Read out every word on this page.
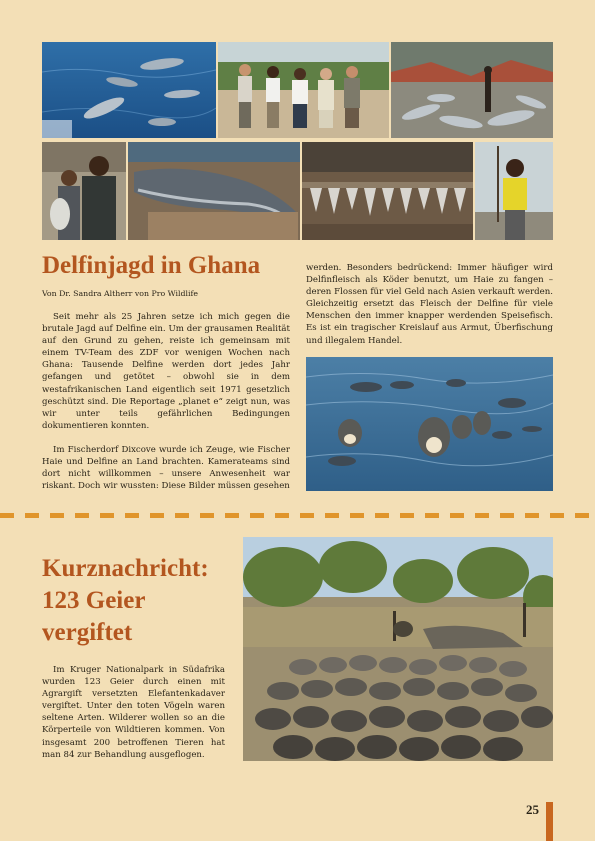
Delfinjagd in Ghana
Von Dr. Sandra Altherr von Pro Wildlife

Seit mehr als 25 Jahren setze ich mich gegen die brutale Jagd auf Delfine ein. Um der grausamen Realität auf den Grund zu gehen, reiste ich gemeinsam mit einem TV-Team des ZDF vor wenigen Wochen nach Ghana: Tausende Delfine werden dort jedes Jahr gefangen und getötet – obwohl sie in dem westafrikanischen Land eigentlich seit 1971 gesetzlich geschützt sind. Die Reportage „planet e“ zeigt nun, was wir unter teils gefährlichen Bedingungen dokumentieren konnten.

Im Fischerdorf Dixcove wurde ich Zeuge, wie Fischer Haie und Delfine an Land brachten. Kamerateams sind dort nicht willkommen – unsere Anwesenheit war riskant. Doch wir wussten: Diese Bilder müssen gesehen

werden. Besonders bedrückend: Immer häufiger wird Delfinfleisch als Köder benutzt, um Haie zu fangen – deren Flossen für viel Geld nach Asien verkauft werden. Gleichzeitig ersetzt das Fleisch der Delfine für viele Menschen den immer knapper werdenden Speisefisch. Es ist ein tragischer Kreislauf aus Armut, Überfischung und illegalem Handel.

Kurznachricht:
123 Geier
vergiftet

Im Kruger Nationalpark in Südafrika wurden 123 Geier durch einen mit Agrargift versetzten Elefantenkadaver vergiftet. Unter den toten Vögeln waren seltene Arten. Wilderer wollen so an die Körperteile von Wildtieren kommen. Von insgesamt 200 betroffenen Tieren hat man 84 zur Behandlung ausgeflogen.

25
